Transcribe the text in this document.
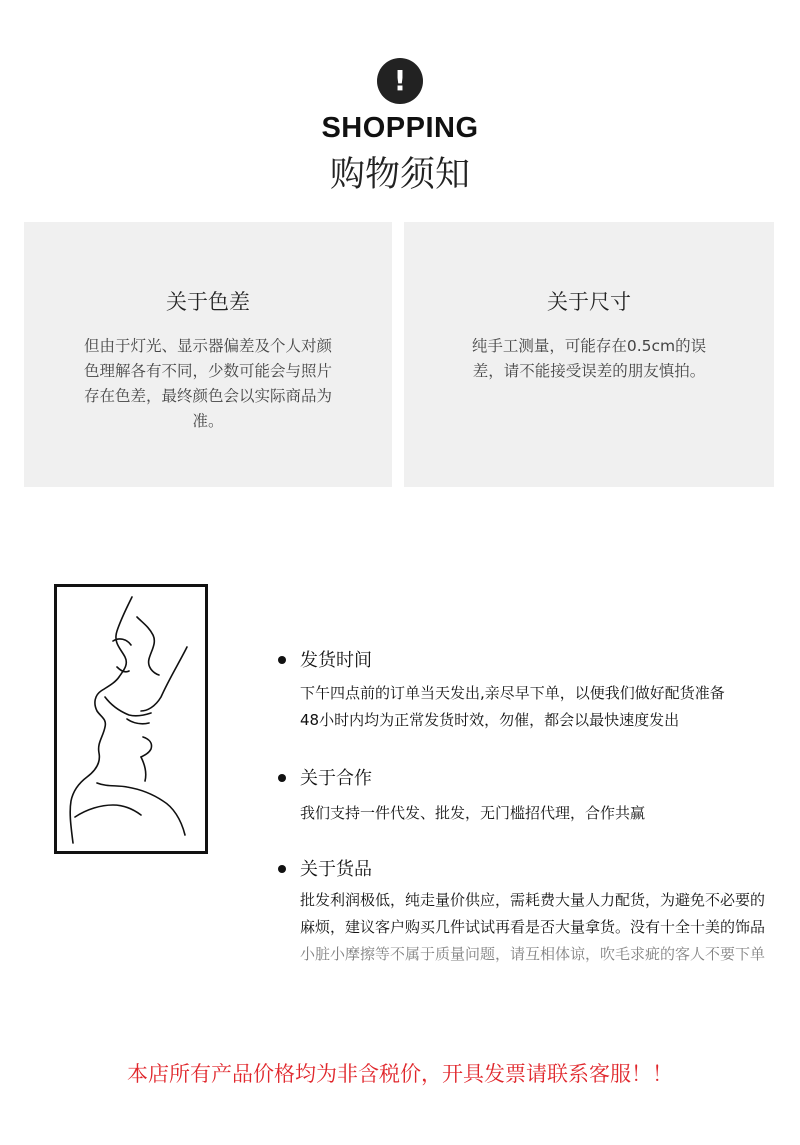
!
SHOPPING
购物须知
关于色差

但由于灯光、显示器偏差及个人对颜色理解各有不同，少数可能会与照片存在色差，最终颜色会以实际商品为准。

关于尺寸

纯手工测量，可能存在0.5cm的误差，请不能接受误差的朋友慎拍。

发货时间
下午四点前的订单当天发出,亲尽早下单，以便我们做好配货准备
48小时内均为正常发货时效，勿催，都会以最快速度发出
关于合作
我们支持一件代发、批发，无门槛招代理，合作共赢
关于货品
批发利润极低，纯走量价供应，需耗费大量人力配货，为避免不必要的
麻烦，建议客户购买几件试试再看是否大量拿货。没有十全十美的饰品
小脏小摩擦等不属于质量问题，请互相体谅，吹毛求疵的客人不要下单
本店所有产品价格均为非含税价，开具发票请联系客服！！
